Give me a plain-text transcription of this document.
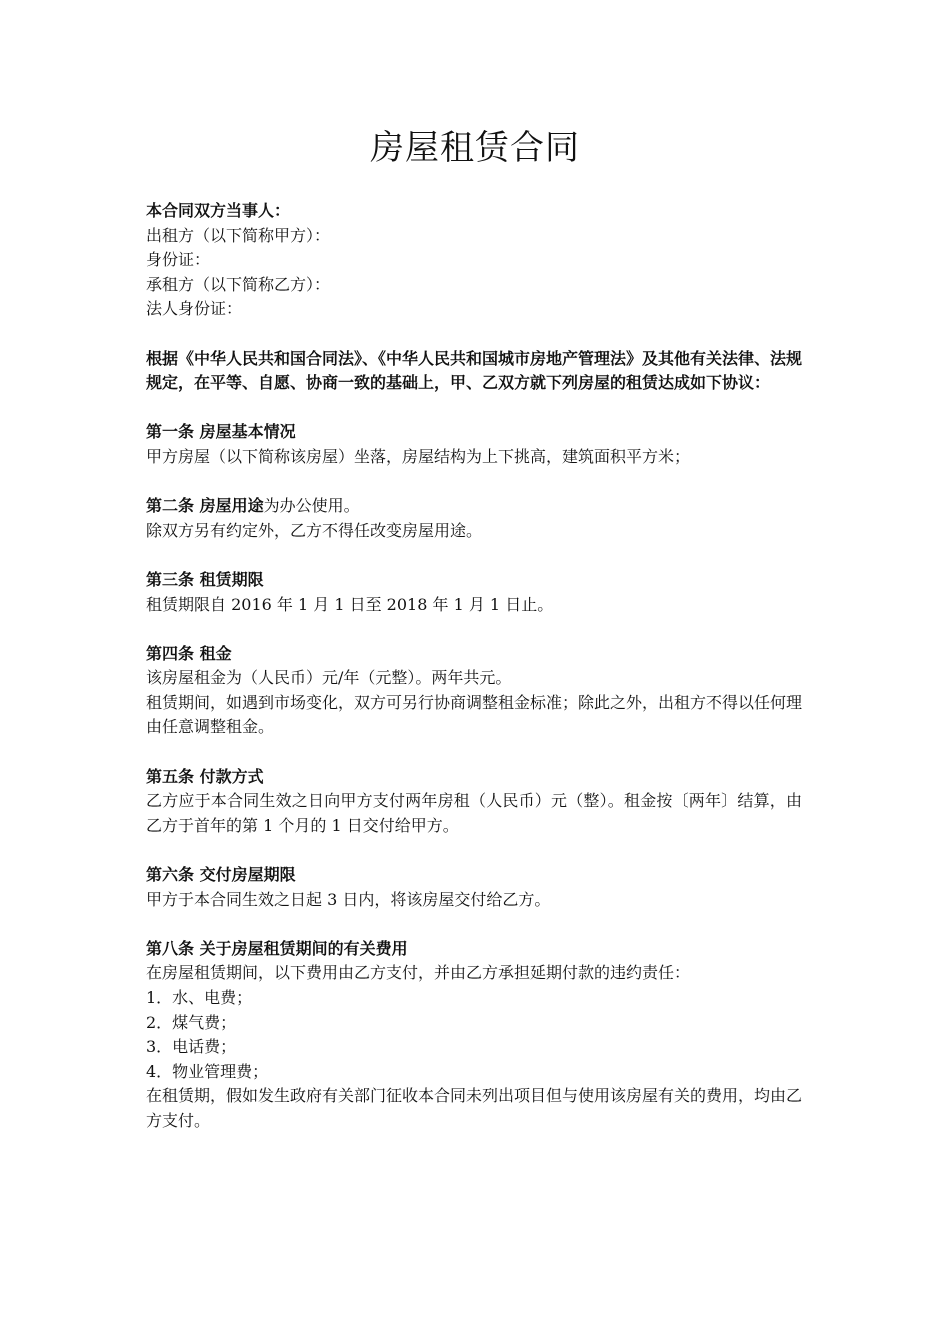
房屋租赁合同

本合同双方当事人：

出租方（以下简称甲方）：

身份证：

承租方（以下简称乙方）：

法人身份证：

根据《中华人民共和国合同法》、《中华人民共和国城市房地产管理法》及其他有关法律、法规规定，在平等、自愿、协商一致的基础上，甲、乙双方就下列房屋的租赁达成如下协议：

第一条 房屋基本情况

甲方房屋（以下简称该房屋）坐落，房屋结构为上下挑高，建筑面积平方米；

第二条 房屋用途为办公使用。

除双方另有约定外，乙方不得任改变房屋用途。

第三条 租赁期限

租赁期限自 2016 年 1 月 1 日至 2018 年 1 月 1 日止。

第四条 租金

该房屋租金为（人民币）元/年（元整）。两年共元。

租赁期间，如遇到市场变化，双方可另行协商调整租金标准；除此之外，出租方不得以任何理由任意调整租金。

第五条 付款方式

乙方应于本合同生效之日向甲方支付两年房租（人民币）元（整）。租金按〔两年〕结算，由乙方于首年的第 1 个月的 1 日交付给甲方。

第六条 交付房屋期限

甲方于本合同生效之日起 3 日内，将该房屋交付给乙方。

第八条 关于房屋租赁期间的有关费用

在房屋租赁期间，以下费用由乙方支付，并由乙方承担延期付款的违约责任：

1．水、电费；

2．煤气费；

3．电话费；

4．物业管理费；

在租赁期，假如发生政府有关部门征收本合同未列出项目但与使用该房屋有关的费用，均由乙方支付。
